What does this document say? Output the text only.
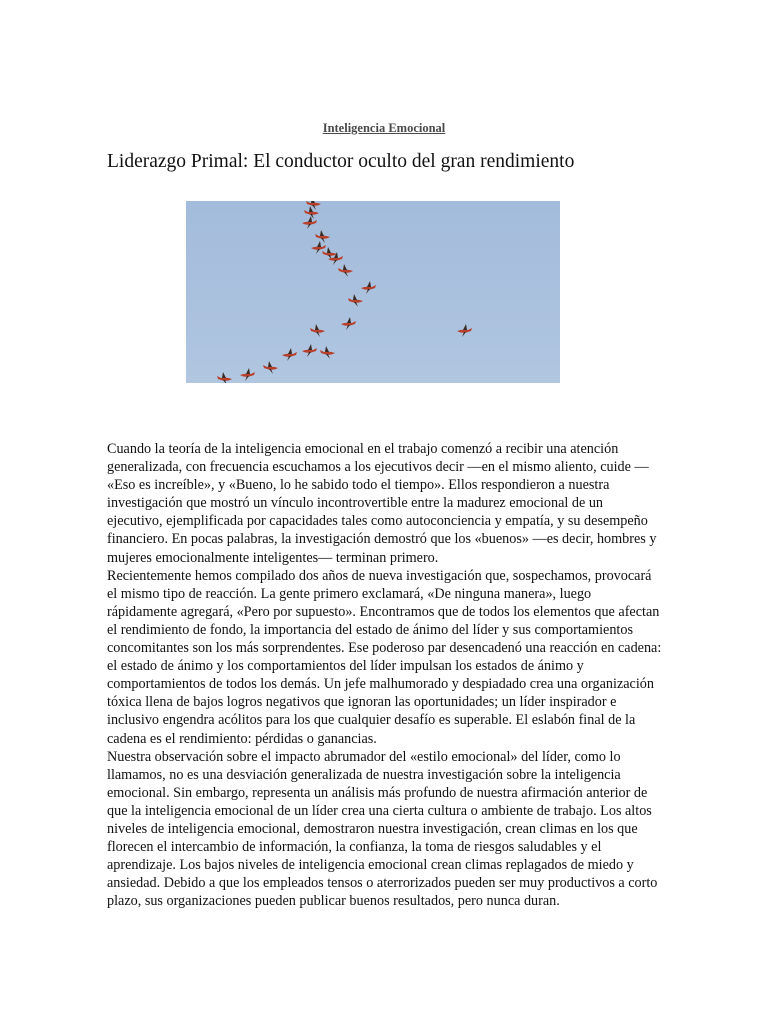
Inteligencia Emocional
Liderazgo Primal: El conductor oculto del gran rendimiento

Cuando la teoría de la inteligencia emocional en el trabajo comenzó a recibir una atención generalizada, con frecuencia escuchamos a los ejecutivos decir —en el mismo aliento, cuide — «Eso es increíble», y «Bueno, lo he sabido todo el tiempo». Ellos respondieron a nuestra investigación que mostró un vínculo incontrovertible entre la madurez emocional de un ejecutivo, ejemplificada por capacidades tales como autoconciencia y empatía, y su desempeño financiero. En pocas palabras, la investigación demostró que los «buenos» —es decir, hombres y mujeres emocionalmente inteligentes— terminan primero.

Recientemente hemos compilado dos años de nueva investigación que, sospechamos, provocará el mismo tipo de reacción. La gente primero exclamará, «De ninguna manera», luego rápidamente agregará, «Pero por supuesto». Encontramos que de todos los elementos que afectan el rendimiento de fondo, la importancia del estado de ánimo del líder y sus comportamientos concomitantes son los más sorprendentes. Ese poderoso par desencadenó una reacción en cadena: el estado de ánimo y los comportamientos del líder impulsan los estados de ánimo y comportamientos de todos los demás. Un jefe malhumorado y despiadado crea una organización tóxica llena de bajos logros negativos que ignoran las oportunidades; un líder inspirador e inclusivo engendra acólitos para los que cualquier desafío es superable. El eslabón final de la cadena es el rendimiento: pérdidas o ganancias.

Nuestra observación sobre el impacto abrumador del «estilo emocional» del líder, como lo llamamos, no es una desviación generalizada de nuestra investigación sobre la inteligencia emocional. Sin embargo, representa un análisis más profundo de nuestra afirmación anterior de que la inteligencia emocional de un líder crea una cierta cultura o ambiente de trabajo. Los altos niveles de inteligencia emocional, demostraron nuestra investigación, crean climas en los que florecen el intercambio de información, la confianza, la toma de riesgos saludables y el aprendizaje. Los bajos niveles de inteligencia emocional crean climas replagados de miedo y ansiedad. Debido a que los empleados tensos o aterrorizados pueden ser muy productivos a corto plazo, sus organizaciones pueden publicar buenos resultados, pero nunca duran.
